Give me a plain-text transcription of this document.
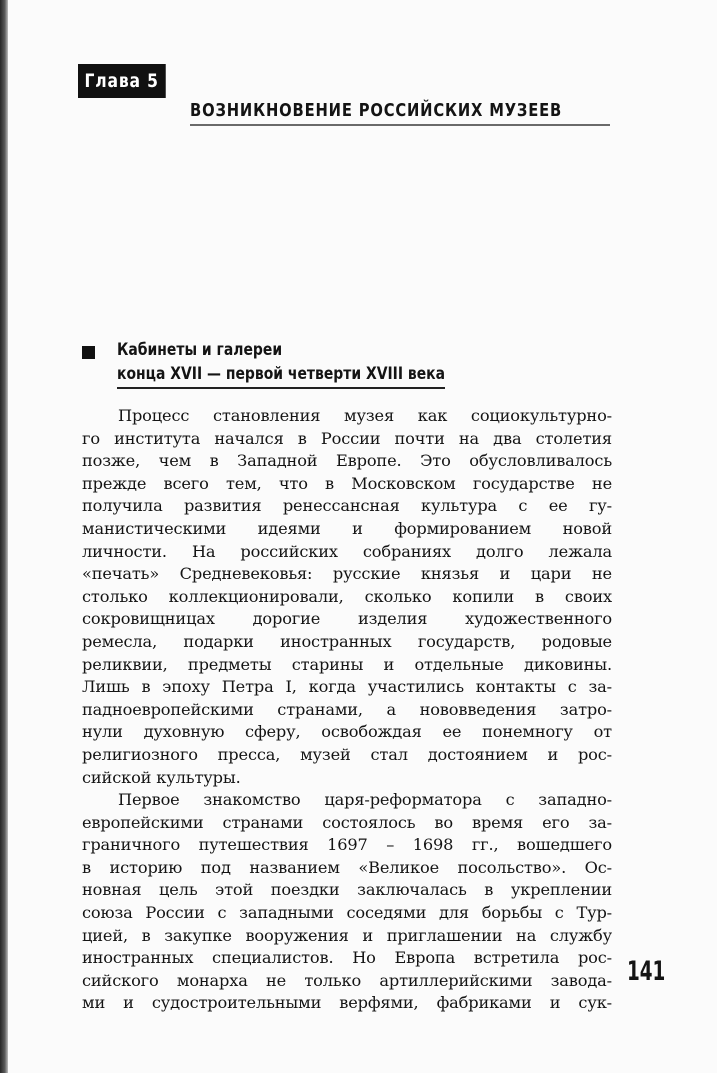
Глава 5
ВОЗНИКНОВЕНИЕ РОССИЙСКИХ МУЗЕЕВ
Кабинеты и галереи
конца XVII — первой четверти XVIII века
Процесс становления музея как социокультурно-
го института начался в России почти на два столетия
позже, чем в Западной Европе. Это обусловливалось
прежде всего тем, что в Московском государстве не
получила развития ренессансная культура с ее гу-
манистическими идеями и формированием новой
личности. На российских собраниях долго лежала
«печать» Средневековья: русские князья и цари не
столько коллекционировали, сколько копили в своих
сокровищницах дорогие изделия художественного
ремесла, подарки иностранных государств, родовые
реликвии, предметы старины и отдельные диковины.
Лишь в эпоху Петра I, когда участились контакты с за-
падноевропейскими странами, а нововведения затро-
нули духовную сферу, освобождая ее понемногу от
религиозного пресса, музей стал достоянием и рос-
сийской культуры.
Первое знакомство царя-реформатора с западно-
европейскими странами состоялось во время его за-
граничного путешествия 1697 – 1698 гг., вошедшего
в историю под названием «Великое посольство». Ос-
новная цель этой поездки заключалась в укреплении
союза России с западными соседями для борьбы с Тур-
цией, в закупке вооружения и приглашении на службу
иностранных специалистов. Но Европа встретила рос-
сийского монарха не только артиллерийскими завода-
ми и судостроительными верфями, фабриками и сук-
141
